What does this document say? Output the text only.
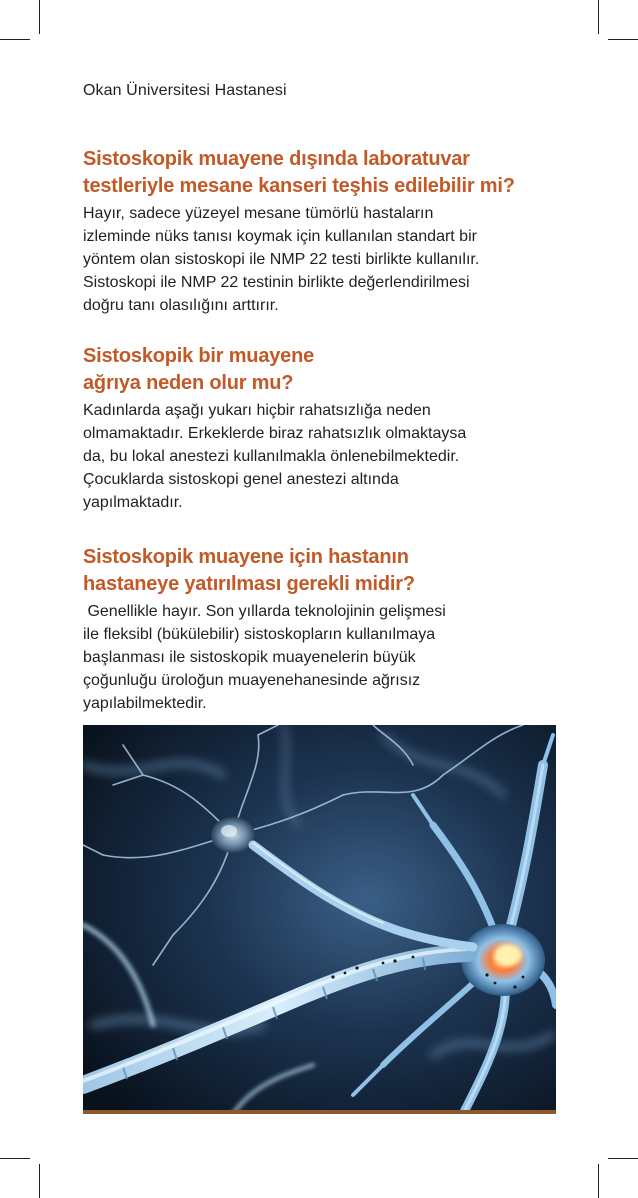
Okan Üniversitesi Hastanesi
Sistoskopik muayene dışında laboratuvar
testleriyle mesane kanseri teşhis edilebilir mi?

Hayır, sadece yüzeyel mesane tümörlü hastaların
izleminde nüks tanısı koymak için kullanılan standart bir
yöntem olan sistoskopi ile NMP 22 testi birlikte kullanılır.
Sistoskopi ile NMP 22 testinin birlikte değerlendirilmesi
doğru tanı olasılığını arttırır.

Sistoskopik bir muayene
ağrıya neden olur mu?

Kadınlarda aşağı yukarı hiçbir rahatsızlığa neden
olmamaktadır. Erkeklerde biraz rahatsızlık olmaktaysa
da, bu lokal anestezi kullanılmakla önlenebilmektedir.
Çocuklarda sistoskopi genel anestezi altında
yapılmaktadır.

Sistoskopik muayene için hastanın
hastaneye yatırılması gerekli midir?

Genellikle hayır. Son yıllarda teknolojinin gelişmesi
ile fleksibl (bükülebilir) sistoskopların kullanılmaya
başlanması ile sistoskopik muayenelerin büyük
çoğunluğu üroloğun muayenehanesinde ağrısız
yapılabilmektedir.
